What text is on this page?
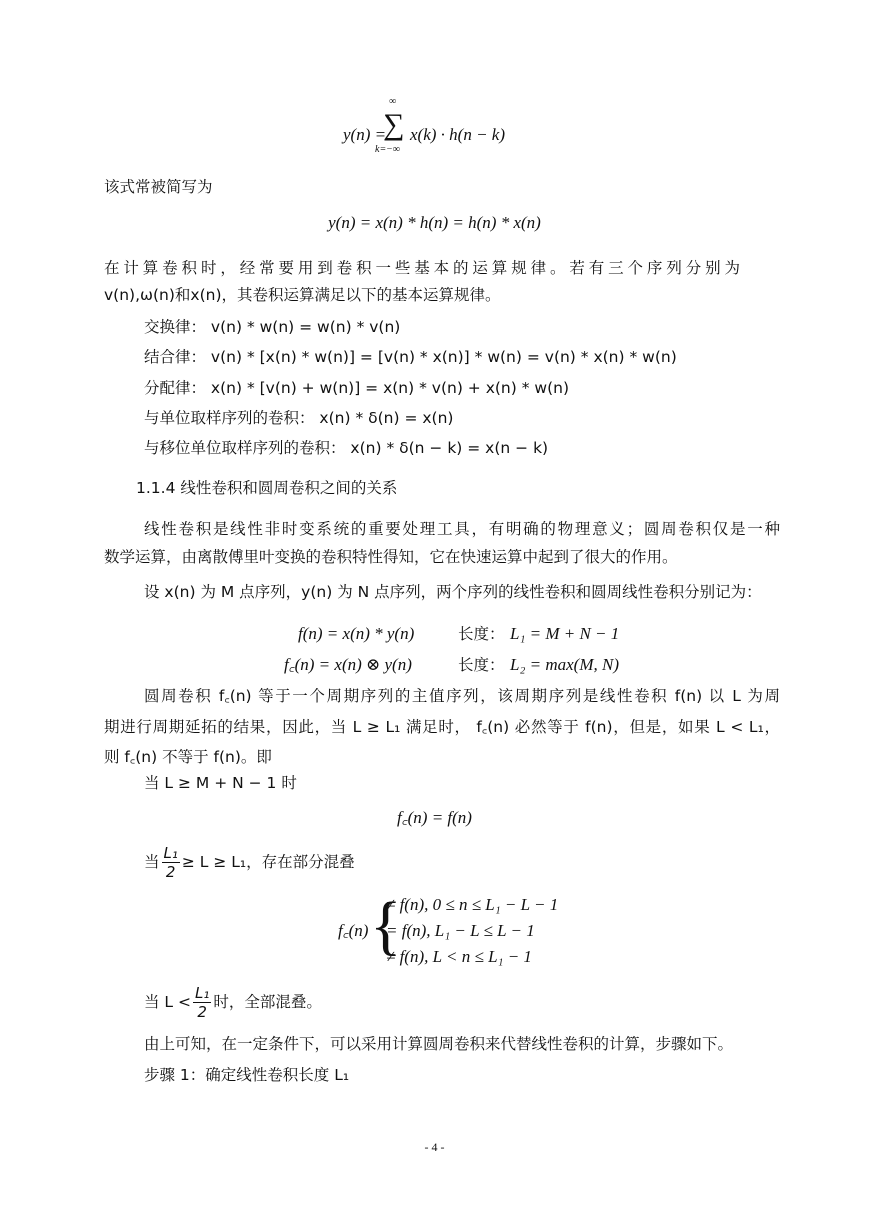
y(n) =
∞
∑
k=−∞
x(k) · h(n − k)
该式常被简写为
y(n) = x(n) * h(n) = h(n) * x(n)
在计算卷积时，经常要用到卷积一些基本的运算规律。若有三个序列分别为
v(n),ω(n)和x(n)，其卷积运算满足以下的基本运算规律。
交换律： v(n) * w(n) = w(n) * v(n)
结合律： v(n) * [x(n) * w(n)] = [v(n) * x(n)] * w(n) = v(n) * x(n) * w(n)
分配律： x(n) * [v(n) + w(n)] = x(n) * v(n) + x(n) * w(n)
与单位取样序列的卷积： x(n) * δ(n) = x(n)
与移位单位取样序列的卷积： x(n) * δ(n − k) = x(n − k)
1.1.4 线性卷积和圆周卷积之间的关系
线性卷积是线性非时变系统的重要处理工具，有明确的物理意义；圆周卷积仅是一种
数学运算，由离散傅里叶变换的卷积特性得知，它在快速运算中起到了很大的作用。
设 x(n) 为 M 点序列，y(n) 为 N 点序列，两个序列的线性卷积和圆周线性卷积分别记为：
f(n) = x(n) * y(n)	长度： L₁ = M + N − 1
f꜀(n) = x(n) ⊗ y(n)	长度： L₂ = max(M, N)
圆周卷积 f꜀(n) 等于一个周期序列的主值序列，该周期序列是线性卷积 f(n) 以 L 为周
期进行周期延拓的结果，因此，当 L ≥ L₁ 满足时， f꜀(n) 必然等于 f(n)，但是，如果 L < L₁，
则 f꜀(n) 不等于 f(n)。即
当 L ≥ M + N − 1 时
f꜀(n) = f(n)
当 $\frac{\text{L₁}}{2} \ge L \ge L_1$，存在部分混叠
f꜀(n) {
≠ f(n), 0 ≤ n ≤ L₁ − L − 1
= f(n), L₁ − L ≤ L − 1
≠ f(n), L < n ≤ L₁ − 1
当 $L < \frac{\text{L₁}}{2}$ 时，全部混叠。
由上可知，在一定条件下，可以采用计算圆周卷积来代替线性卷积的计算，步骤如下。
步骤 1：确定线性卷积长度 L₁
- 4 -
